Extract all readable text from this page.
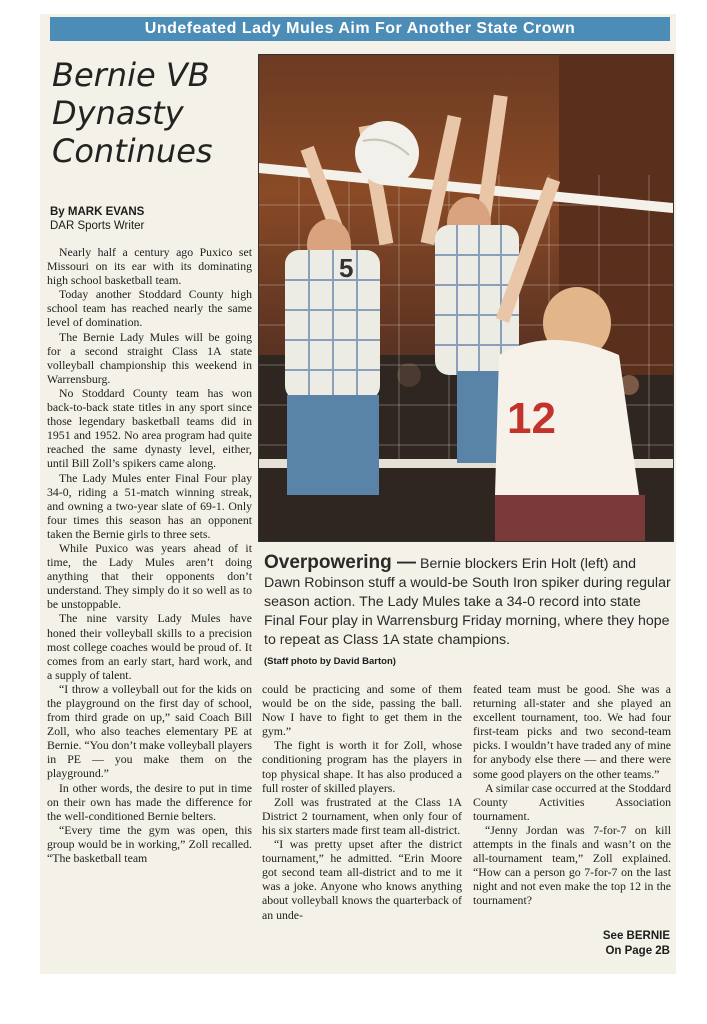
Undefeated Lady Mules Aim For Another State Crown
Bernie VB
Dynasty
Continues
By MARK EVANS
DAR Sports Writer

Nearly half a century ago Puxico set Missouri on its ear with its dominating high school basketball team.

Today another Stoddard County high school team has reached nearly the same level of domination.

The Bernie Lady Mules will be going for a second straight Class 1A state volleyball championship this weekend in Warrensburg.

No Stoddard County team has won back-to-back state titles in any sport since those legendary basketball teams did in 1951 and 1952. No area program had quite reached the same dynasty level, either, until Bill Zoll’s spikers came along.

The Lady Mules enter Final Four play 34-0, riding a 51-match winning streak, and owning a two-year slate of 69-1. Only four times this season has an opponent taken the Bernie girls to three sets.

While Puxico was years ahead of it time, the Lady Mules aren’t doing anything that their opponents don’t understand. They simply do it so well as to be unstoppable.

The nine varsity Lady Mules have honed their volleyball skills to a precision most college coaches would be proud of. It comes from an early start, hard work, and a supply of talent.

“I throw a volleyball out for the kids on the playground on the first day of school, from third grade on up,” said Coach Bill Zoll, who also teaches elementary PE at Bernie. “You don’t make volleyball players in PE — you make them on the playground.”

In other words, the desire to put in time on their own has made the difference for the well-conditioned Bernie belters.

“Every time the gym was open, this group would be in working,” Zoll recalled. “The basketball team

5
12
Overpowering — Bernie blockers Erin Holt (left) and Dawn Robinson stuff a would-be South Iron spiker during regular season action. The Lady Mules take a 34-0 record into state Final Four play in Warrensburg Friday morning, where they hope to repeat as Class 1A state champions.
(Staff photo by David Barton)

could be practicing and some of them would be on the side, passing the ball. Now I have to fight to get them in the gym.”

The fight is worth it for Zoll, whose conditioning program has the players in top physical shape. It has also produced a full roster of skilled players.

Zoll was frustrated at the Class 1A District 2 tournament, when only four of his six starters made first team all-district.

“I was pretty upset after the district tournament,” he admitted. “Erin Moore got second team all-district and to me it was a joke. Anyone who knows anything about volleyball knows the quarterback of an unde-

feated team must be good. She was a returning all-stater and she played an excellent tournament, too. We had four first-team picks and two second-team picks. I wouldn’t have traded any of mine for anybody else there — and there were some good players on the other teams.”

A similar case occurred at the Stoddard County Activities Association tournament.

“Jenny Jordan was 7-for-7 on kill attempts in the finals and wasn’t on the all-tournament team,” Zoll explained. “How can a person go 7-for-7 on the last night and not even make the top 12 in the tournament?

See BERNIE
On Page 2B
